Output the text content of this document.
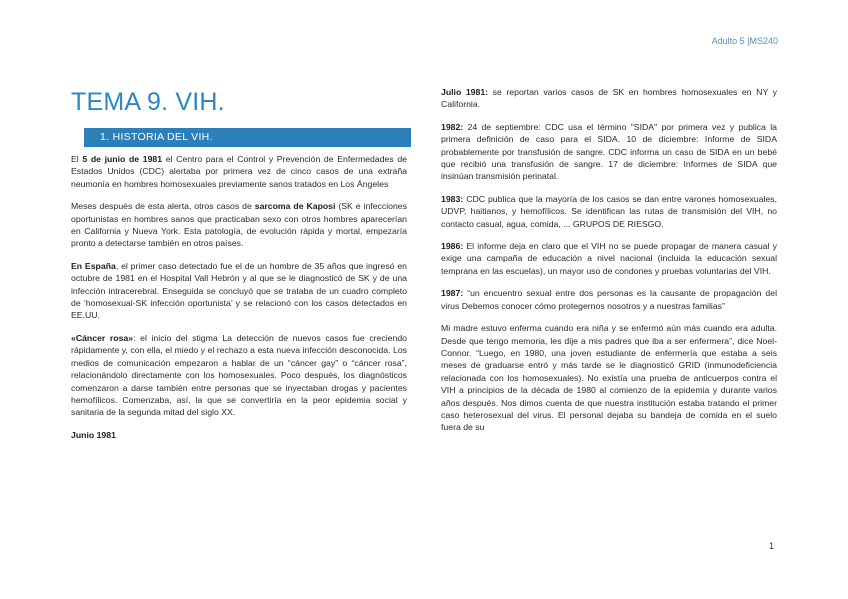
Adulto 5 |MS240
TEMA 9. VIH.
1. HISTORIA DEL VIH.

El 5 de junio de 1981 el Centro para el Control y Prevención de Enfermedades de Estados Unidos (CDC) alertaba por primera vez de cinco casos de una extraña neumonía en hombres homosexuales previamente sanos tratados en Los Ángeles

Meses después de esta alerta, otros casos de sarcoma de Kaposi (SK e infecciones oportunistas en hombres sanos que practicaban sexo con otros hombres aparecerían en California y Nueva York. Esta patología, de evolución rápida y mortal, empezaría pronto a detectarse también en otros países.

En España, el primer caso detectado fue el de un hombre de 35 años que ingresó en octubre de 1981 en el Hospital Vall Hebrón y al que se le diagnosticó de SK y de una infección intracerebral. Enseguida se concluyó que se trataba de un cuadro completo de ‘homosexual-SK infección oportunista’ y se relacionó con los casos detectados en EE.UU.

«Cáncer rosa»: el inicio del stigma La detección de nuevos casos fue creciendo rápidamente y, con ella, el miedo y el rechazo a esta nueva infección desconocida. Los medios de comunicación empezaron a hablar de un “cáncer gay” o “cáncer rosa”, relacionándolo directamente con los homosexuales. Poco después, los diagnósticos comenzaron a darse también entre personas que se inyectaban drogas y pacientes hemofílicos. Comenzaba, así, la que se convertiría en la peor epidemia social y sanitaria de la segunda mitad del siglo XX.

Junio 1981

Julio 1981: se reportan varios casos de SK en hombres homosexuales en NY y California.

1982: 24 de septiembre: CDC usa el término "SIDA" por primera vez y publica la primera definición de caso para el SIDA. 10 de diciembre: Informe de SIDA probablemente por transfusión de sangre. CDC informa un caso de SIDA en un bebé que recibió una transfusión de sangre. 17 de diciembre: Informes de SIDA que insinúan transmisión perinatal.

1983: CDC publica que la mayoría de los casos se dan entre varones homosexuales, UDVP, haitianos, y hemofílicos. Se identifican las rutas de transmisión del VIH, no contacto casual, agua, comida, ... GRUPOS DE RIESGO.

1986: El informe deja en claro que el VIH no se puede propagar de manera casual y exige una campaña de educación a nivel nacional (incluida la educación sexual temprana en las escuelas), un mayor uso de condones y pruebas voluntarias del VIH.

1987: “un encuentro sexual entre dos personas es la causante de propagación del virus Debemos conocer cómo protegernos nosotros y a nuestras familias”

Mi madre estuvo enferma cuando era niña y se enfermó aún más cuando era adulta. Desde que tengo memoria, les dije a mis padres que iba a ser enfermera”, dice Noel-Connor. “Luego, en 1980, una joven estudiante de enfermería que estaba a seis meses de graduarse entró y más tarde se le diagnosticó GRID (inmunodeficiencia relacionada con los homosexuales). No existía una prueba de anticuerpos contra el VIH a principios de la década de 1980 al comienzo de la epidemia y durante varios años después. Nos dimos cuenta de que nuestra institución estaba tratando el primer caso heterosexual del virus. El personal dejaba su bandeja de comida en el suelo fuera de su

1
